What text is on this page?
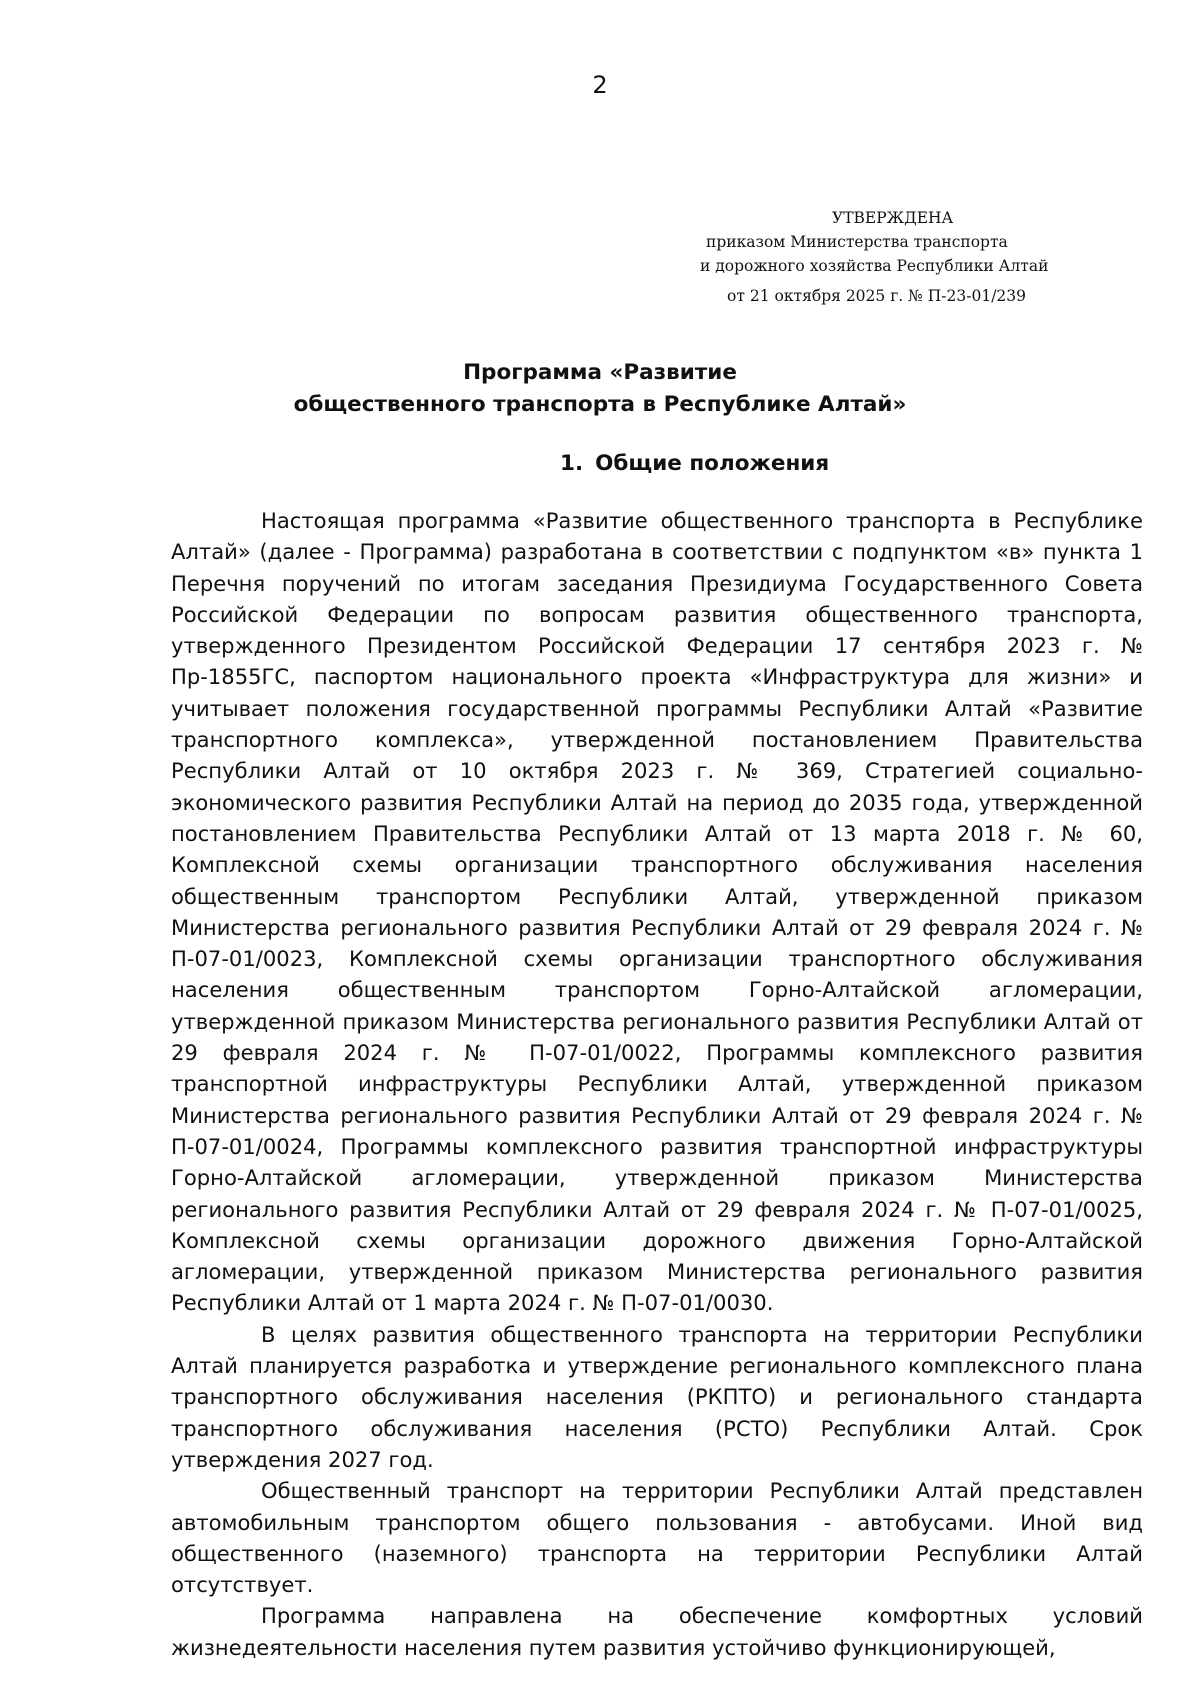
2
УТВЕРЖДЕНА
приказом Министерства транспорта
и дорожного хозяйства Республики Алтай
от 21 октября 2025 г. № П-23-01/239
Программа «Развитие
общественного транспорта в Республике Алтай»
1. Общие положения

Настоящая программа «Развитие общественного транспорта в Республике Алтай» (далее - Программа) разработана в соответствии с подпунктом «в» пункта 1 Перечня поручений по итогам заседания Президиума Государственного Совета Российской Федерации по вопросам развития общественного транспорта, утвержденного Президентом Российской Федерации 17 сентября 2023 г. № Пр-1855ГС, паспортом национального проекта «Инфраструктура для жизни» и учитывает положения государственной программы Республики Алтай «Развитие транспортного комплекса», утвержденной постановлением Правительства Республики Алтай от 10 октября 2023 г. № 369, Стратегией социально-экономического развития Республики Алтай на период до 2035 года, утвержденной постановлением Правительства Республики Алтай от 13 марта 2018 г. № 60, Комплексной схемы организации транспортного обслуживания населения общественным транспортом Республики Алтай, утвержденной приказом Министерства регионального развития Республики Алтай от 29 февраля 2024 г. № П-07-01/0023, Комплексной схемы организации транспортного обслуживания населения общественным транспортом Горно-Алтайской агломерации, утвержденной приказом Министерства регионального развития Республики Алтай от 29 февраля 2024 г. № П-07-01/0022, Программы комплексного развития транспортной инфраструктуры Республики Алтай, утвержденной приказом Министерства регионального развития Республики Алтай от 29 февраля 2024 г. № П-07-01/0024, Программы комплексного развития транспортной инфраструктуры Горно-Алтайской агломерации, утвержденной приказом Министерства регионального развития Республики Алтай от 29 февраля 2024 г. № П-07-01/0025, Комплексной схемы организации дорожного движения Горно-Алтайской агломерации, утвержденной приказом Министерства регионального развития Республики Алтай от 1 марта 2024 г. № П-07-01/0030.

В целях развития общественного транспорта на территории Республики Алтай планируется разработка и утверждение регионального комплексного плана транспортного обслуживания населения (РКПТО) и регионального стандарта транспортного обслуживания населения (РСТО) Республики Алтай. Срок утверждения 2027 год.

Общественный транспорт на территории Республики Алтай представлен автомобильным транспортом общего пользования - автобусами. Иной вид общественного (наземного) транспорта на территории Республики Алтай отсутствует.

Программа направлена на обеспечение комфортных условий жизнедеятельности населения путем развития устойчиво функционирующей,
